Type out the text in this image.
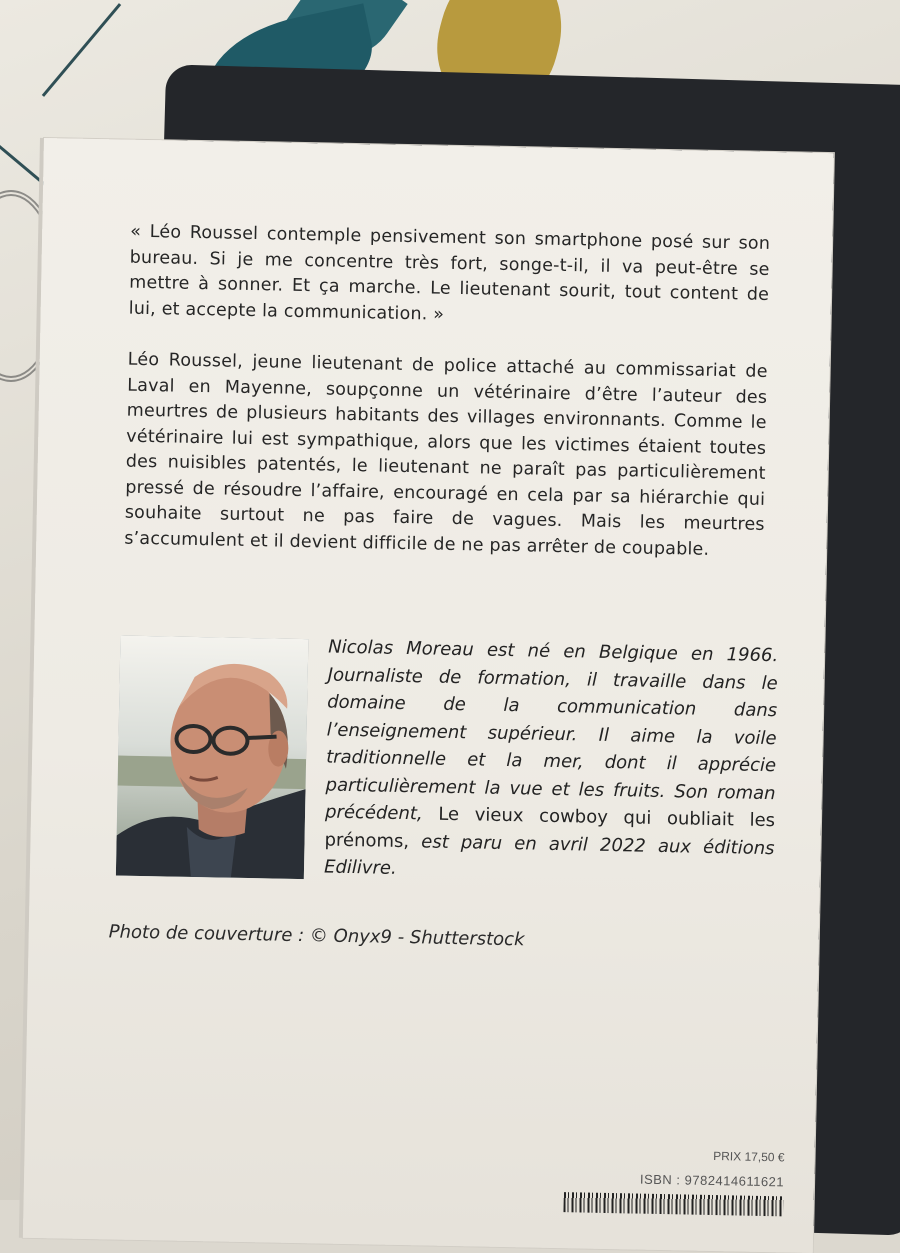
« Léo Roussel contemple pensivement son smartphone posé sur son bureau. Si je me concentre très fort, songe-t-il, il va peut-être se mettre à sonner. Et ça marche. Le lieutenant sourit, tout content de lui, et accepte la communication. »

Léo Roussel, jeune lieutenant de police attaché au commissariat de Laval en Mayenne, soupçonne un vétérinaire d’être l’auteur des meurtres de plusieurs habitants des villages environnants. Comme le vétérinaire lui est sympathique, alors que les victimes étaient toutes des nuisibles patentés, le lieutenant ne paraît pas particulièrement pressé de résoudre l’affaire, encouragé en cela par sa hiérarchie qui souhaite surtout ne pas faire de vagues. Mais les meurtres s’accumulent et il devient difficile de ne pas arrêter de coupable.

Nicolas Moreau est né en Belgique en 1966. Journaliste de formation, il travaille dans le domaine de la communication dans l’enseignement supérieur. Il aime la voile traditionnelle et la mer, dont il apprécie particulièrement la vue et les fruits. Son roman précédent, Le vieux cowboy qui oubliait les prénoms, est paru en avril 2022 aux éditions Edilivre.
Photo de couverture : © Onyx9 - Shutterstock
PRIX 17,50 €
ISBN : 9782414611621
